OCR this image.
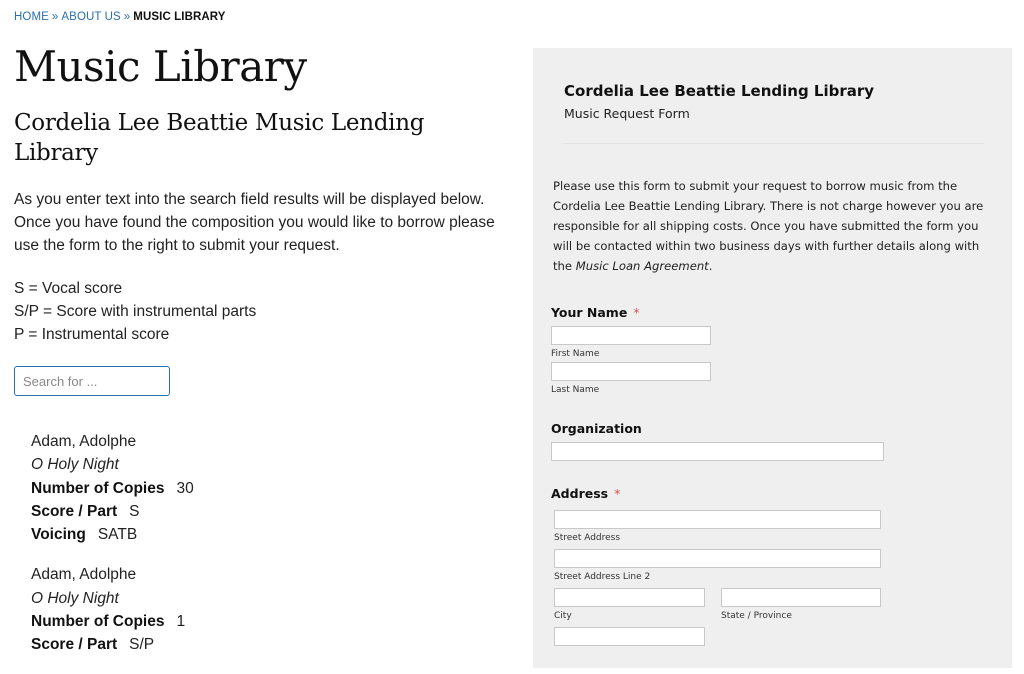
HOME » ABOUT US » MUSIC LIBRARY
Music Library
Cordelia Lee Beattie Music Lending Library

As you enter text into the search field results will be displayed below. Once you have found the composition you would like to borrow please use the form to the right to submit your request.

S = Vocal score
S/P = Score with instrumental parts
P = Instrumental score
Search for ...
Adam, Adolphe
O Holy Night
Number of Copies 30
Score / Part S
Voicing SATB
Adam, Adolphe
O Holy Night
Number of Copies 1
Score / Part S/P
Cordelia Lee Beattie Lending Library
Music Request Form
Please use this form to submit your request to borrow music from the Cordelia Lee Beattie Lending Library. There is not charge however you are responsible for all shipping costs. Once you have submitted the form you will be contacted within two business days with further details along with the Music Loan Agreement.
Your Name *
First Name
Last Name
Organization
Address *
Street Address
Street Address Line 2
City	State / Province
